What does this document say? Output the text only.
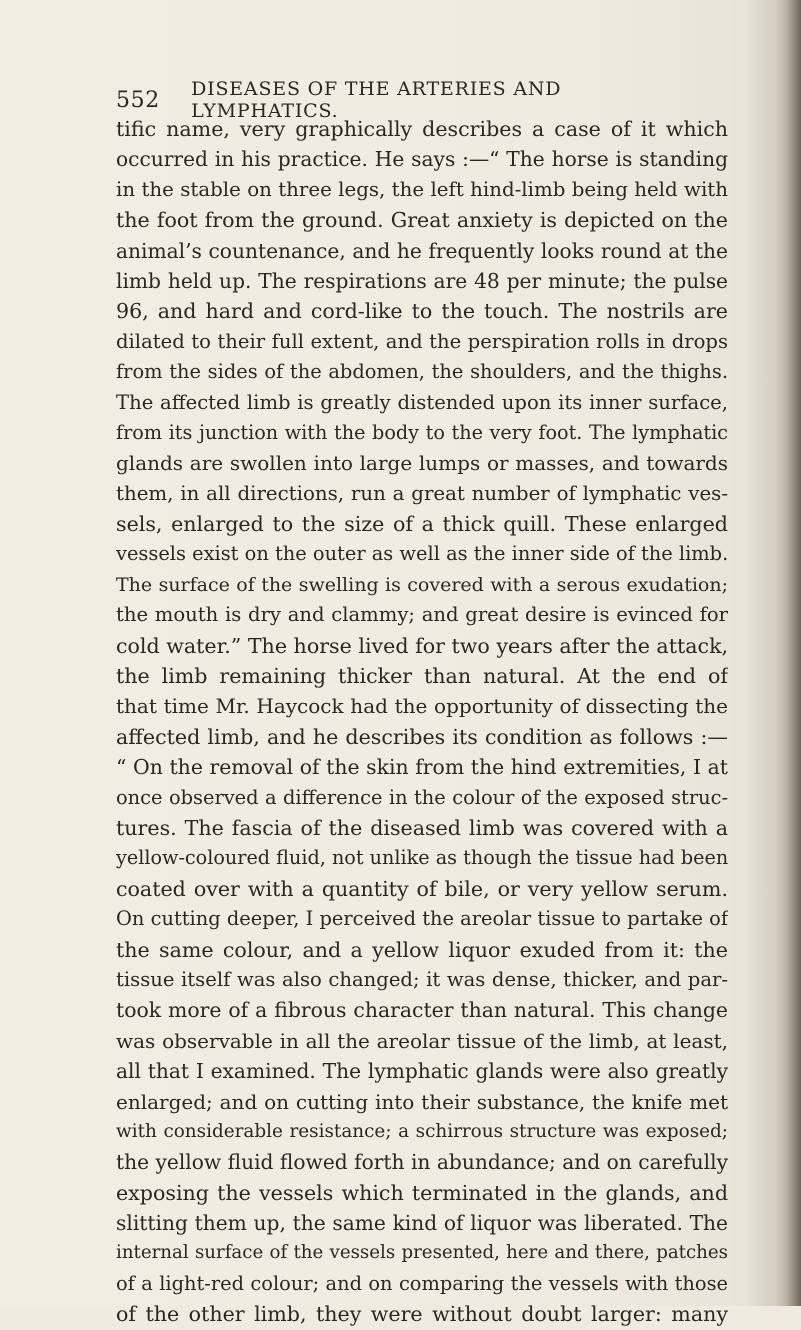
552	DISEASES OF THE ARTERIES AND LYMPHATICS.
tific name, very graphically describes a case of it which
occurred in his practice. He says :—“ The horse is standing
in the stable on three legs, the left hind-limb being held with
the foot from the ground. Great anxiety is depicted on the
animal’s countenance, and he frequently looks round at the
limb held up. The respirations are 48 per minute; the pulse
96, and hard and cord-like to the touch. The nostrils are
dilated to their full extent, and the perspiration rolls in drops
from the sides of the abdomen, the shoulders, and the thighs.
The affected limb is greatly distended upon its inner surface,
from its junction with the body to the very foot. The lymphatic
glands are swollen into large lumps or masses, and towards
them, in all directions, run a great number of lymphatic ves-
sels, enlarged to the size of a thick quill. These enlarged
vessels exist on the outer as well as the inner side of the limb.
The surface of the swelling is covered with a serous exudation;
the mouth is dry and clammy; and great desire is evinced for
cold water.” The horse lived for two years after the attack,
the limb remaining thicker than natural. At the end of
that time Mr. Haycock had the opportunity of dissecting the
affected limb, and he describes its condition as follows :—
“ On the removal of the skin from the hind extremities, I at
once observed a difference in the colour of the exposed struc-
tures. The fascia of the diseased limb was covered with a
yellow-coloured fluid, not unlike as though the tissue had been
coated over with a quantity of bile, or very yellow serum.
On cutting deeper, I perceived the areolar tissue to partake of
the same colour, and a yellow liquor exuded from it: the
tissue itself was also changed; it was dense, thicker, and par-
took more of a fibrous character than natural. This change
was observable in all the areolar tissue of the limb, at least,
all that I examined. The lymphatic glands were also greatly
enlarged; and on cutting into their substance, the knife met
with considerable resistance; a schirrous structure was exposed;
the yellow fluid flowed forth in abundance; and on carefully
exposing the vessels which terminated in the glands, and
slitting them up, the same kind of liquor was liberated. The
internal surface of the vessels presented, here and there, patches
of a light-red colour; and on comparing the vessels with those
of the other limb, they were without doubt larger: many
